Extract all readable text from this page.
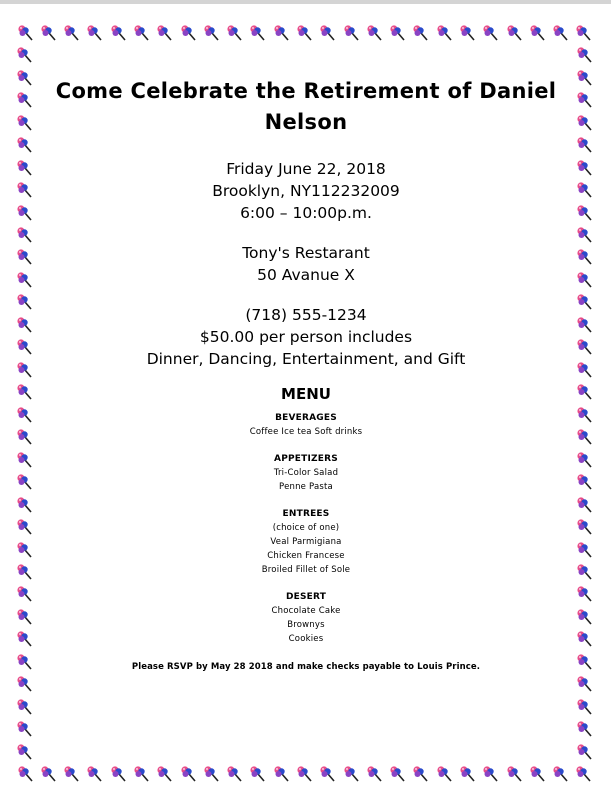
Come Celebrate the Retirement of Daniel Nelson
Friday June 22, 2018
Brooklyn, NY112232009
6:00 – 10:00p.m.
Tony's Restarant
50 Avanue X
(718) 555-1234
$50.00 per person includes
Dinner, Dancing, Entertainment, and Gift
MENU
BEVERAGES
Coffee Ice tea Soft drinks
APPETIZERS
Tri-Color Salad
Penne Pasta
ENTREES
(choice of one)
Veal Parmigiana
Chicken Francese
Broiled Fillet of Sole
DESERT
Chocolate Cake
Brownys
Cookies
Please RSVP by May 28 2018 and make checks payable to Louis Prince.
